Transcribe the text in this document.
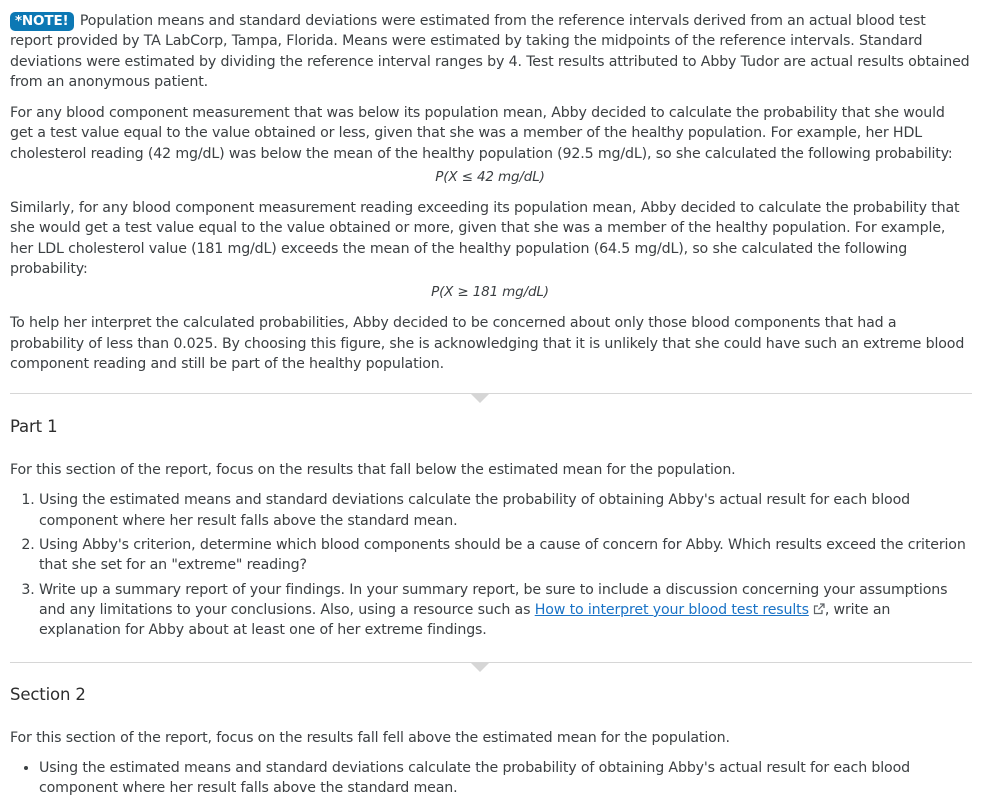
*NOTE! Population means and standard deviations were estimated from the reference intervals derived from an actual blood test report provided by TA LabCorp, Tampa, Florida. Means were estimated by taking the midpoints of the reference intervals. Standard deviations were estimated by dividing the reference interval ranges by 4. Test results attributed to Abby Tudor are actual results obtained from an anonymous patient.

For any blood component measurement that was below its population mean, Abby decided to calculate the probability that she would get a test value equal to the value obtained or less, given that she was a member of the healthy population. For example, her HDL cholesterol reading (42 mg/dL) was below the mean of the healthy population (92.5 mg/dL), so she calculated the following probability:

P(X ≤ 42 mg/dL)

Similarly, for any blood component measurement reading exceeding its population mean, Abby decided to calculate the probability that she would get a test value equal to the value obtained or more, given that she was a member of the healthy population. For example, her LDL cholesterol value (181 mg/dL) exceeds the mean of the healthy population (64.5 mg/dL), so she calculated the following probability:

P(X ≥ 181 mg/dL)

To help her interpret the calculated probabilities, Abby decided to be concerned about only those blood components that had a probability of less than 0.025. By choosing this figure, she is acknowledging that it is unlikely that she could have such an extreme blood component reading and still be part of the healthy population.

Part 1

For this section of the report, focus on the results that fall below the estimated mean for the population.

1. Using the estimated means and standard deviations calculate the probability of obtaining Abby's actual result for each blood component where her result falls above the standard mean.
2. Using Abby's criterion, determine which blood components should be a cause of concern for Abby. Which results exceed the criterion that she set for an "extreme" reading?
3. Write up a summary report of your findings. In your summary report, be sure to include a discussion concerning your assumptions and any limitations to your conclusions. Also, using a resource such as How to interpret your blood test results , write an explanation for Abby about at least one of her extreme findings.
Section 2

For this section of the report, focus on the results fall fell above the estimated mean for the population.

• Using the estimated means and standard deviations calculate the probability of obtaining Abby's actual result for each blood component where her result falls above the standard mean.
